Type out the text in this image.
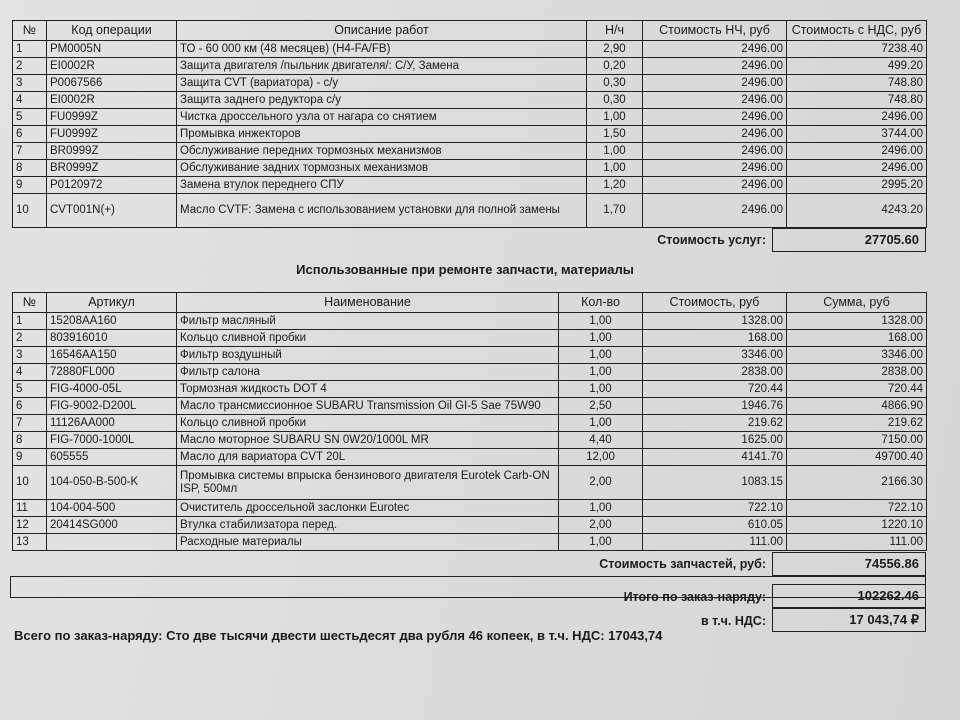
№	Код операции	Описание работ	Н/ч	Стоимость НЧ, руб	Стоимость с НДС, руб
1	PM0005N	ТО - 60 000 км (48 месяцев) (H4-FA/FB)	2,90	2496.00	7238.40
2	EI0002R	Защита двигателя /пыльник двигателя/: С/У, Замена	0,20	2496.00	499.20
3	P0067566	Защита CVT (вариатора) - с/у	0,30	2496.00	748.80
4	EI0002R	Защита заднего редуктора с/у	0,30	2496.00	748.80
5	FU0999Z	Чистка дроссельного узла от нагара со снятием	1,00	2496.00	2496.00
6	FU0999Z	Промывка инжекторов	1,50	2496.00	3744.00
7	BR0999Z	Обслуживание передних тормозных механизмов	1,00	2496.00	2496.00
8	BR0999Z	Обслуживание задних тормозных механизмов	1,00	2496.00	2496.00
9	P0120972	Замена втулок переднего СПУ	1,20	2496.00	2995.20
10	CVT001N(+)	Масло CVTF: Замена с использованием установки для полной замены	1,70	2496.00	4243.20
Стоимость услуг:	27705.60
Использованные при ремонте запчасти, материалы
№	Артикул	Наименование	Кол-во	Стоимость, руб	Сумма, руб
1	15208AA160	Фильтр масляный	1,00	1328.00	1328.00
2	803916010	Кольцо сливной пробки	1,00	168.00	168.00
3	16546AA150	Фильтр воздушный	1,00	3346.00	3346.00
4	72880FL000	Фильтр салона	1,00	2838.00	2838.00
5	FIG-4000-05L	Тормозная жидкость DOT 4	1,00	720.44	720.44
6	FIG-9002-D200L	Масло трансмиссионное SUBARU Transmission Oil GI-5 Sae 75W90	2,50	1946.76	4866.90
7	11126AA000	Кольцо сливной пробки	1,00	219.62	219.62
8	FIG-7000-1000L	Масло моторное SUBARU SN 0W20/1000L MR	4,40	1625.00	7150.00
9	605555	Масло для вариатора CVT 20L	12,00	4141.70	49700.40
10	104-050-B-500-K	Промывка системы впрыска бензинового двигателя Eurotek Carb-ON ISP, 500мл	2,00	1083.15	2166.30
11	104-004-500	Очиститель дроссельной заслонки Eurotec	1,00	722.10	722.10
12	20414SG000	Втулка стабилизатора перед.	2,00	610.05	1220.10
13		Расходные материалы	1,00	111.00	111.00
Стоимость запчастей, руб:	74556.86
Итого по заказ-наряду:	102262.46
в т.ч. НДС:	17 043,74 ₽
Всего по заказ-наряду: Сто две тысячи двести шестьдесят два рубля 46 копеек, в т.ч. НДС: 17043,74
